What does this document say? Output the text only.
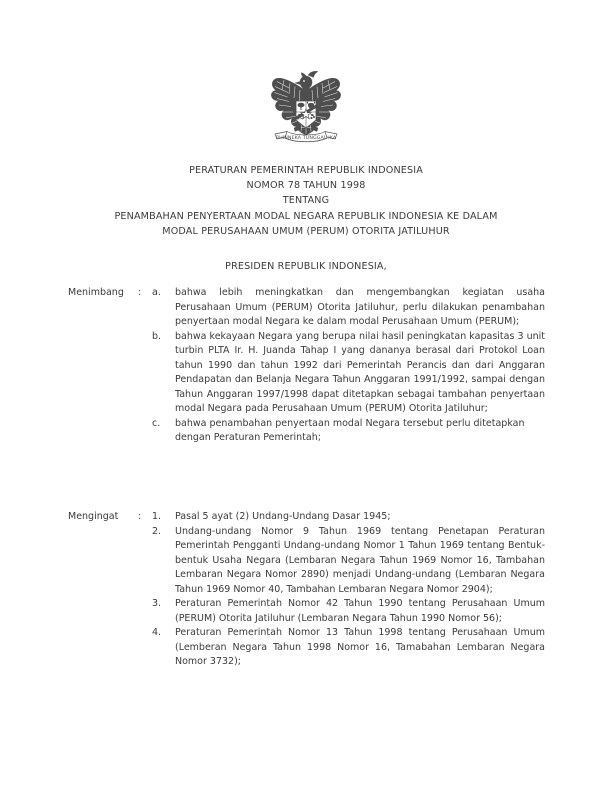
BHINNEKA TUNGGAL IKA
PERATURAN PEMERINTAH REPUBLIK INDONESIA
NOMOR 78 TAHUN 1998
TENTANG
PENAMBAHAN PENYERTAAN MODAL NEGARA REPUBLIK INDONESIA KE DALAM
MODAL PERUSAHAAN UMUM (PERUM) OTORITA JATILUHUR
PRESIDEN REPUBLIK INDONESIA,
Menimbang	: a.	bahwa lebih meningkatkan dan mengembangkan kegiatan usaha Perusahaan Umum (PERUM) Otorita Jatiluhur, perlu dilakukan penambahan penyertaan modal Negara ke dalam modal Perusahaan Umum (PERUM);
b.	bahwa kekayaan Negara yang berupa nilai hasil peningkatan kapasitas 3 unit turbin PLTA Ir. H. Juanda Tahap I yang dananya berasal dari Protokol Loan tahun 1990 dan tahun 1992 dari Pemerintah Perancis dan dari Anggaran Pendapatan dan Belanja Negara Tahun Anggaran 1991/1992, sampai dengan Tahun Anggaran 1997/1998 dapat ditetapkan sebagai tambahan penyertaan modal Negara pada Perusahaan Umum (PERUM) Otorita Jatiluhur;
c.	bahwa penambahan penyertaan modal Negara tersebut perlu ditetapkan dengan Peraturan Pemerintah;
Mengingat	: 1.	Pasal 5 ayat (2) Undang-Undang Dasar 1945;
2.	Undang-undang Nomor 9 Tahun 1969 tentang Penetapan Peraturan Pemerintah Pengganti Undang-undang Nomor 1 Tahun 1969 tentang Bentuk-bentuk Usaha Negara (Lembaran Negara Tahun 1969 Nomor 16, Tambahan Lembaran Negara Nomor 2890) menjadi Undang-undang (Lembaran Negara Tahun 1969 Nomor 40, Tambahan Lembaran Negara Nomor 2904);
3.	Peraturan Pemerintah Nomor 42 Tahun 1990 tentang Perusahaan Umum (PERUM) Otorita Jatiluhur (Lembaran Negara Tahun 1990 Nomor 56);
4.	Peraturan Pemerintah Nomor 13 Tahun 1998 tentang Perusahaan Umum (Lemberan Negara Tahun 1998 Nomor 16, Tamabahan Lembaran Negara Nomor 3732);
